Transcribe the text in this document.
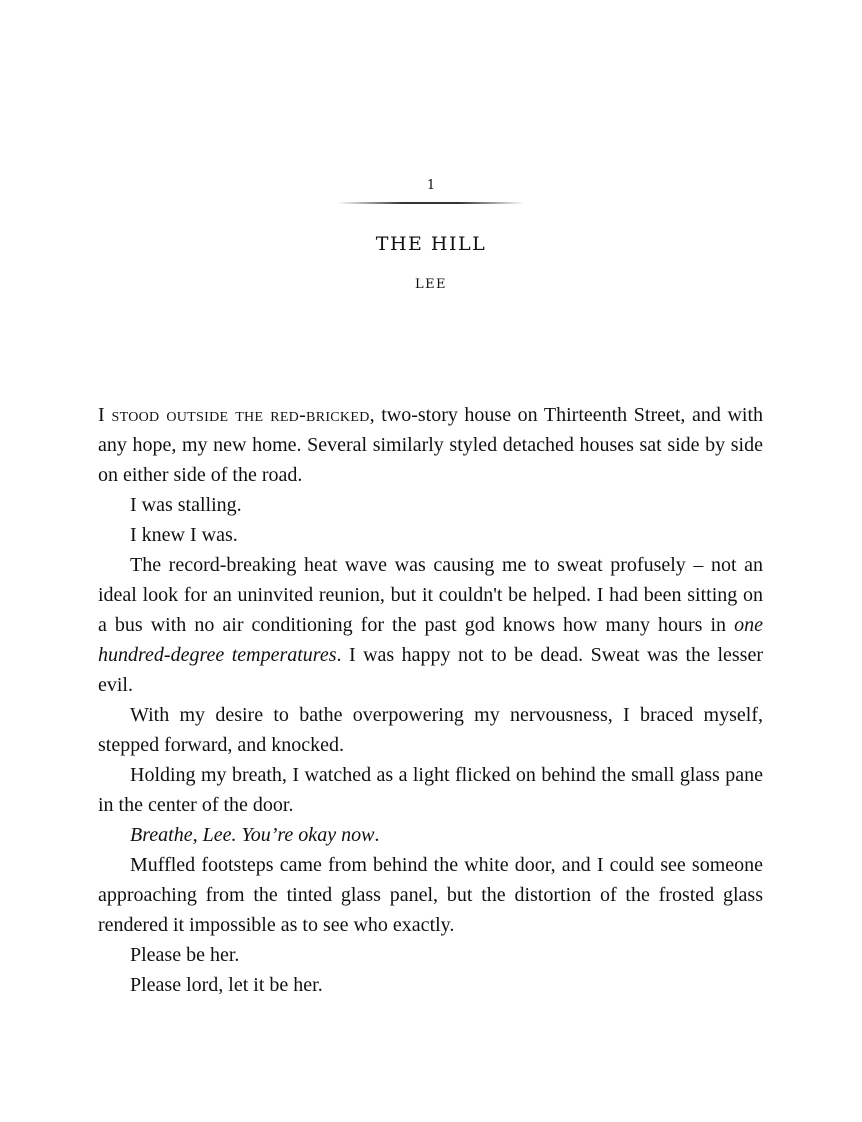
1
THE HILL
LEE

I stood outside the red-bricked, two-story house on Thirteenth Street, and with any hope, my new home. Several similarly styled detached houses sat side by side on either side of the road.

I was stalling.

I knew I was.

The record-breaking heat wave was causing me to sweat profusely – not an ideal look for an uninvited reunion, but it couldn't be helped. I had been sitting on a bus with no air conditioning for the past god knows how many hours in one hundred-degree temperatures. I was happy not to be dead. Sweat was the lesser evil.

With my desire to bathe overpowering my nervousness, I braced myself, stepped forward, and knocked.

Holding my breath, I watched as a light flicked on behind the small glass pane in the center of the door.

Breathe, Lee. You’re okay now.

Muffled footsteps came from behind the white door, and I could see someone approaching from the tinted glass panel, but the distortion of the frosted glass rendered it impossible as to see who exactly.

Please be her.

Please lord, let it be her.
